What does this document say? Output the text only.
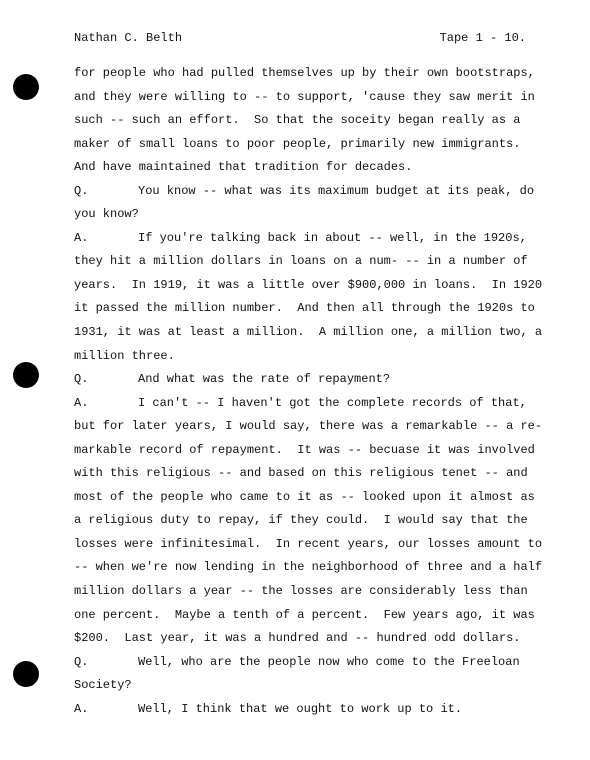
Nathan C. Belth	Tape 1 - 10.
for people who had pulled themselves up by their own bootstraps,
and they were willing to -- to support, 'cause they saw merit in
such -- such an effort.  So that the soceity began really as a
maker of small loans to poor people, primarily new immigrants.
And have maintained that tradition for decades.
Q.	You know -- what was its maximum budget at its peak, do
you know?
A.	If you're talking back in about -- well, in the 1920s,
they hit a million dollars in loans on a num- -- in a number of
years.  In 1919, it was a little over $900,000 in loans.  In 1920
it passed the million number.  And then all through the 1920s to
1931, it was at least a million.  A million one, a million two, a
million three.
Q.	And what was the rate of repayment?
A.	I can't -- I haven't got the complete records of that,
but for later years, I would say, there was a remarkable -- a re-
markable record of repayment.  It was -- becuase it was involved
with this religious -- and based on this religious tenet -- and
most of the people who came to it as -- looked upon it almost as
a religious duty to repay, if they could.  I would say that the
losses were infinitesimal.  In recent years, our losses amount to
-- when we're now lending in the neighborhood of three and a half
million dollars a year -- the losses are considerably less than
one percent.  Maybe a tenth of a percent.  Few years ago, it was
$200.  Last year, it was a hundred and -- hundred odd dollars.
Q.	Well, who are the people now who come to the Freeloan
Society?
A.	Well, I think that we ought to work up to it.
